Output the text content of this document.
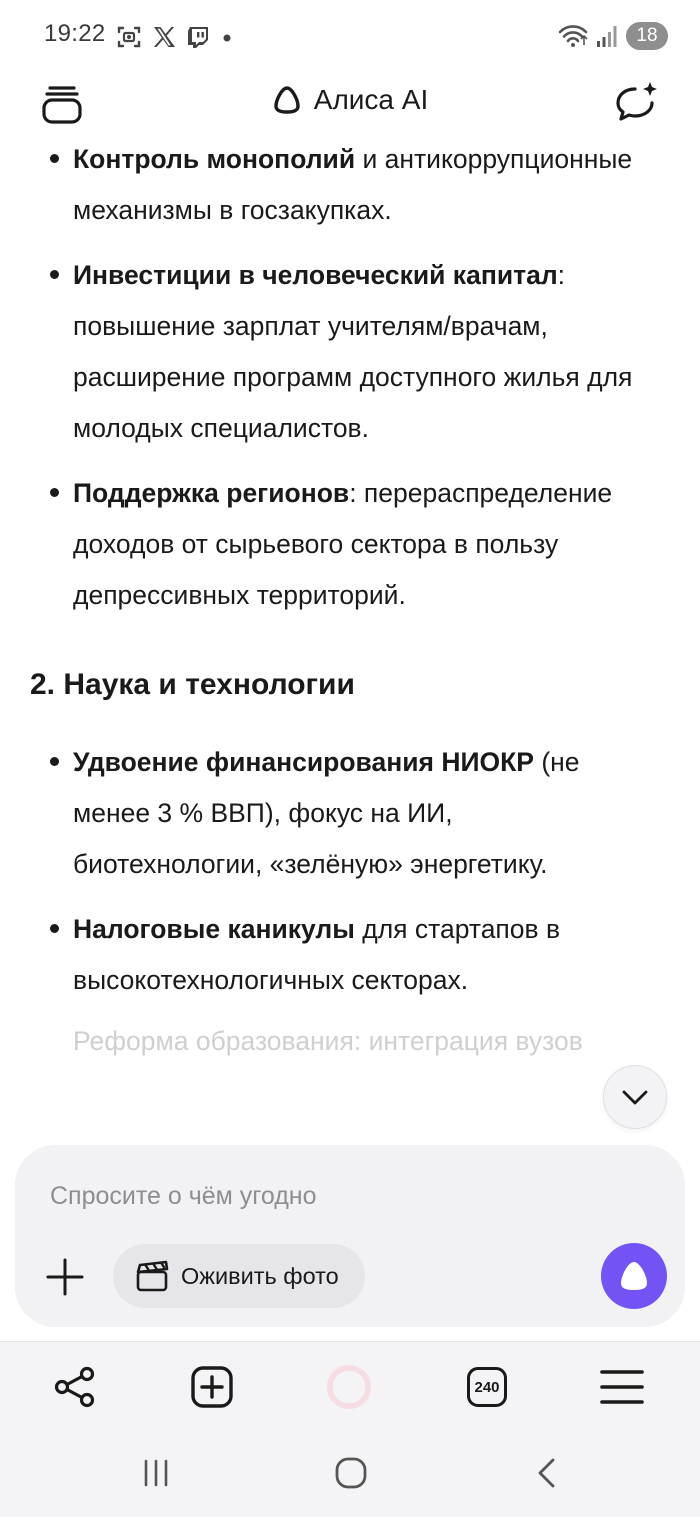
19:22	18
Алиса AI
Контроль монополий и антикоррупционные механизмы в госзакупках.
Инвестиции в человеческий капитал: повышение зарплат учителям/врачам, расширение программ доступного жилья для молодых специалистов.
Поддержка регионов: перераспределение доходов от сырьевого сектора в пользу депрессивных территорий.
2. Наука и технологии
Удвоение финансирования НИОКР (не менее 3 % ВВП), фокус на ИИ, биотехнологии, «зелёную» энергетику.
Налоговые каникулы для стартапов в высокотехнологичных секторах.
Реформа образования: интеграция вузов
Спросите о чём угодно
Оживить фото
240
